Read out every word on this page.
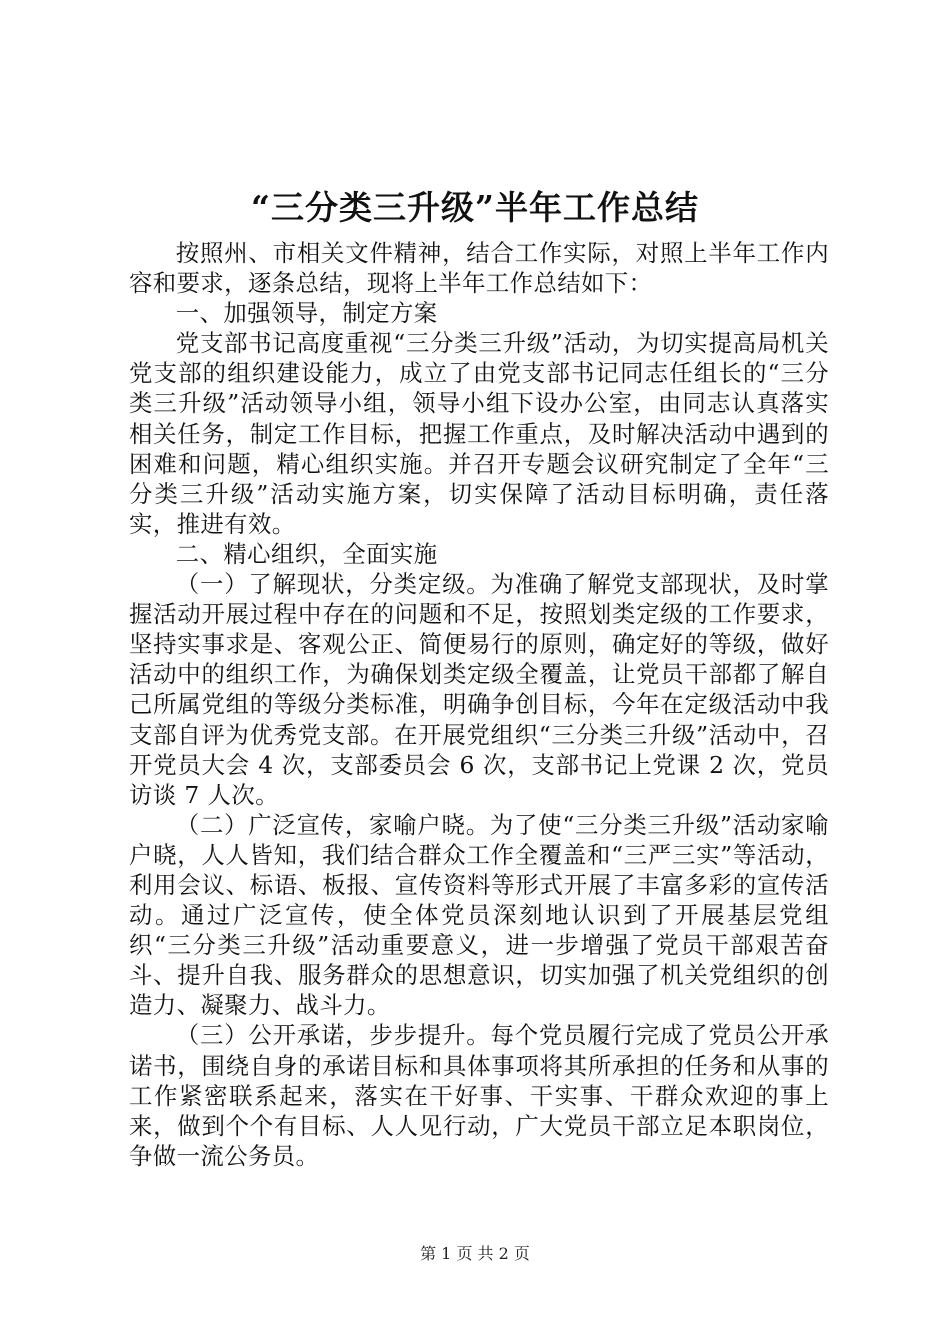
“三分类三升级”半年工作总结

按照州、市相关文件精神，结合工作实际，对照上半年工作内容和要求，逐条总结，现将上半年工作总结如下：

一、加强领导，制定方案

党支部书记高度重视“三分类三升级”活动，为切实提高局机关党支部的组织建设能力，成立了由党支部书记同志任组长的“三分类三升级”活动领导小组，领导小组下设办公室，由同志认真落实相关任务，制定工作目标，把握工作重点，及时解决活动中遇到的困难和问题，精心组织实施。并召开专题会议研究制定了全年“三分类三升级”活动实施方案，切实保障了活动目标明确，责任落实，推进有效。

二、精心组织，全面实施

（一）了解现状，分类定级。为准确了解党支部现状，及时掌握活动开展过程中存在的问题和不足，按照划类定级的工作要求，坚持实事求是、客观公正、简便易行的原则，确定好的等级，做好活动中的组织工作，为确保划类定级全覆盖，让党员干部都了解自己所属党组的等级分类标准，明确争创目标，今年在定级活动中我支部自评为优秀党支部。在开展党组织“三分类三升级”活动中，召开党员大会 4 次，支部委员会 6 次，支部书记上党课 2 次，党员访谈 7 人次。

（二）广泛宣传，家喻户晓。为了使“三分类三升级”活动家喻户晓，人人皆知，我们结合群众工作全覆盖和“三严三实”等活动，利用会议、标语、板报、宣传资料等形式开展了丰富多彩的宣传活动。通过广泛宣传，使全体党员深刻地认识到了开展基层党组织“三分类三升级”活动重要意义，进一步增强了党员干部艰苦奋斗、提升自我、服务群众的思想意识，切实加强了机关党组织的创造力、凝聚力、战斗力。

（三）公开承诺，步步提升。每个党员履行完成了党员公开承诺书，围绕自身的承诺目标和具体事项将其所承担的任务和从事的工作紧密联系起来，落实在干好事、干实事、干群众欢迎的事上来，做到个个有目标、人人见行动，广大党员干部立足本职岗位，争做一流公务员。

第 1 页 共 2 页
